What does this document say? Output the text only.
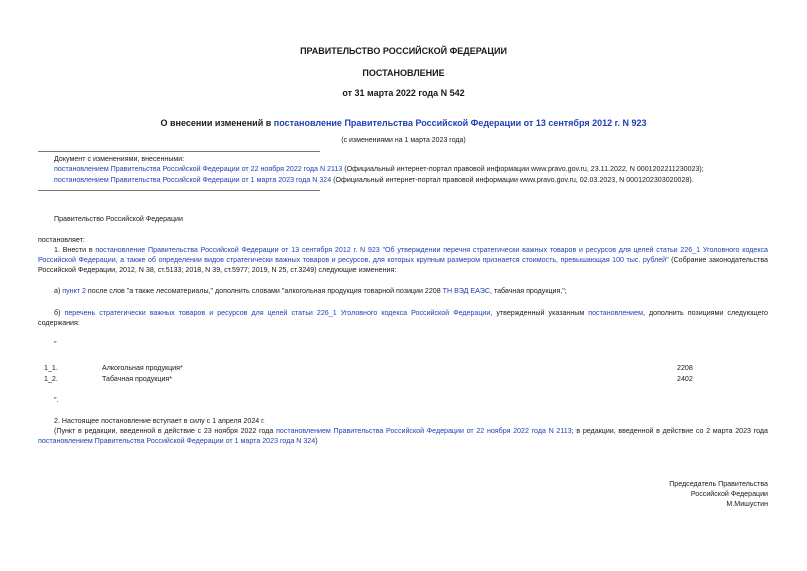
ПРАВИТЕЛЬСТВО РОССИЙСКОЙ ФЕДЕРАЦИИ
ПОСТАНОВЛЕНИЕ
от 31 марта 2022 года N 542
О внесении изменений в постановление Правительства Российской Федерации от 13 сентября 2012 г. N 923
(с изменениями на 1 марта 2023 года)
Документ с изменениями, внесенными:
постановлением Правительства Российской Федерации от 22 ноября 2022 года N 2113 (Официальный интернет-портал правовой информации www.pravo.gov.ru, 23.11.2022, N 0001202211230023);
постановлением Правительства Российской Федерации от 1 марта 2023 года N 324 (Официальный интернет-портал правовой информации www.pravo.gov.ru, 02.03.2023, N 0001202303020028).
Правительство Российской Федерации
постановляет:
1. Внести в постановление Правительства Российской Федерации от 13 сентября 2012 г. N 923 "Об утверждении перечня стратегически важных товаров и ресурсов для целей статьи 226_1 Уголовного кодекса Российской Федерации, а также об определении видов стратегически важных товаров и ресурсов, для которых крупным размером признается стоимость, превышающая 100 тыс. рублей" (Собрание законодательства Российской Федерации, 2012, N 38, ст.5133; 2018, N 39, ст.5977; 2019, N 25, ст.3249) следующие изменения:
а) пункт 2 после слов "а также лесоматериалы," дополнить словами "алкогольная продукция товарной позиции 2208 ТН ВЭД ЕАЭС, табачная продукция,";
б) перечень стратегически важных товаров и ресурсов для целей статьи 226_1 Уголовного кодекса Российской Федерации, утвержденный указанным постановлением, дополнить позициями следующего содержания:
"
1_1.	Алкогольная продукция*	2208
1_2.	Табачная продукция*	2402
".
2. Настоящее постановление вступает в силу с 1 апреля 2024 г.
(Пункт в редакции, введенной в действие с 23 ноября 2022 года постановлением Правительства Российской Федерации от 22 ноября 2022 года N 2113; в редакции, введенной в действие со 2 марта 2023 года постановлением Правительства Российской Федерации от 1 марта 2023 года N 324)
Председатель Правительства
Российской Федерации
М.Мишустин
